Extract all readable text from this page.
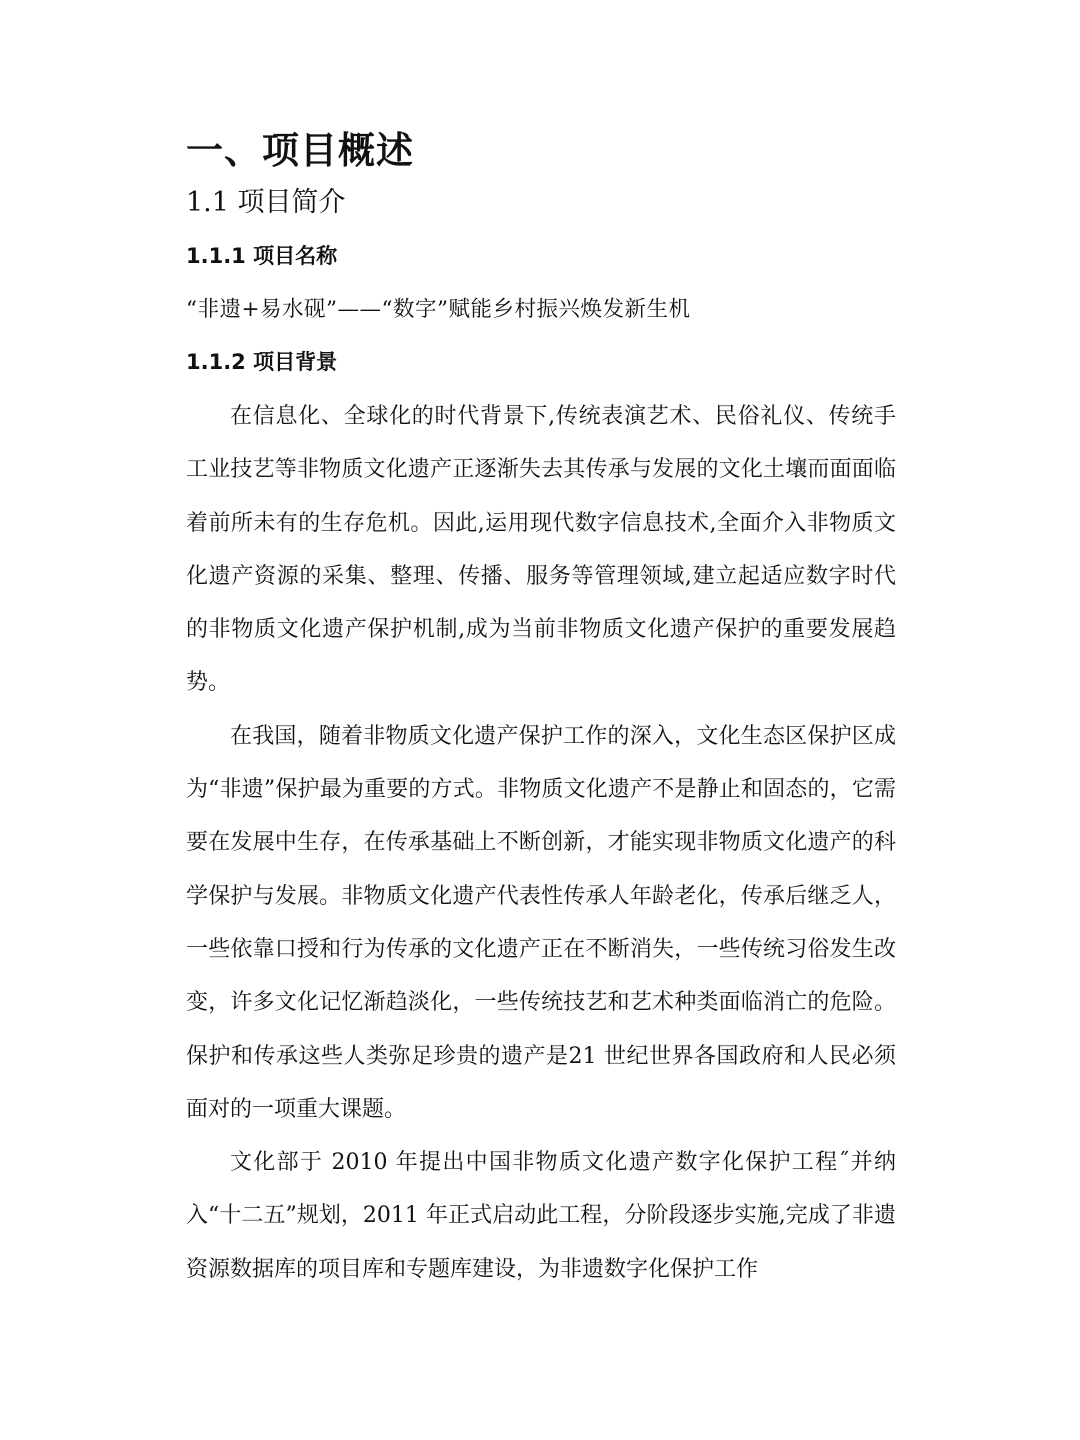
一、项目概述
1.1 项目简介
1.1.1 项目名称
“非遗+易水砚”——“数字”赋能乡村振兴焕发新生机
1.1.2 项目背景

在信息化、全球化的时代背景下,传统表演艺术、民俗礼仪、传统手工业技艺等非物质文化遗产正逐渐失去其传承与发展的文化土壤而面面临着前所未有的生存危机。因此,运用现代数字信息技术,全面介入非物质文化遗产资源的采集、整理、传播、服务等管理领域,建立起适应数字时代的非物质文化遗产保护机制,成为当前非物质文化遗产保护的重要发展趋势。

在我国，随着非物质文化遗产保护工作的深入，文化生态区保护区成为“非遗”保护最为重要的方式。非物质文化遗产不是静止和固态的，它需要在发展中生存，在传承基础上不断创新，才能实现非物质文化遗产的科学保护与发展。非物质文化遗产代表性传承人年龄老化，传承后继乏人，一些依靠口授和行为传承的文化遗产正在不断消失，一些传统习俗发生改变，许多文化记忆渐趋淡化，一些传统技艺和艺术种类面临消亡的危险。保护和传承这些人类弥足珍贵的遗产是21 世纪世界各国政府和人民必须面对的一项重大课题。

文化部于 2010 年提出中国非物质文化遗产数字化保护工程˝并纳入“十二五”规划，2011 年正式启动此工程，分阶段逐步实施,完成了非遗资源数据库的项目库和专题库建设，为非遗数字化保护工作
